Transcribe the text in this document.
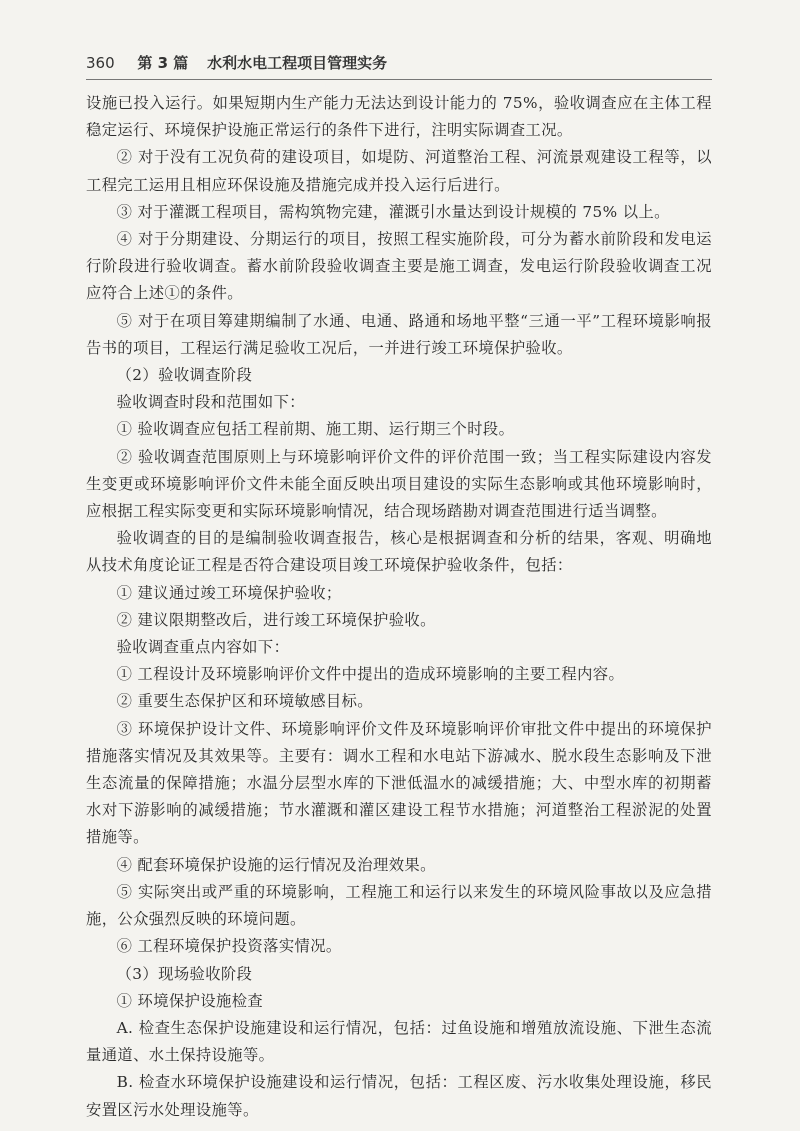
360 第 3 篇 水利水电工程项目管理实务

设施已投入运行。如果短期内生产能力无法达到设计能力的 75%，验收调查应在主体工程稳定运行、环境保护设施正常运行的条件下进行，注明实际调查工况。

② 对于没有工况负荷的建设项目，如堤防、河道整治工程、河流景观建设工程等，以工程完工运用且相应环保设施及措施完成并投入运行后进行。

③ 对于灌溉工程项目，需构筑物完建，灌溉引水量达到设计规模的 75% 以上。

④ 对于分期建设、分期运行的项目，按照工程实施阶段，可分为蓄水前阶段和发电运行阶段进行验收调查。蓄水前阶段验收调查主要是施工调查，发电运行阶段验收调查工况应符合上述①的条件。

⑤ 对于在项目筹建期编制了水通、电通、路通和场地平整“三通一平”工程环境影响报告书的项目，工程运行满足验收工况后，一并进行竣工环境保护验收。

（2）验收调查阶段

验收调查时段和范围如下：

① 验收调查应包括工程前期、施工期、运行期三个时段。

② 验收调查范围原则上与环境影响评价文件的评价范围一致；当工程实际建设内容发生变更或环境影响评价文件未能全面反映出项目建设的实际生态影响或其他环境影响时，应根据工程实际变更和实际环境影响情况，结合现场踏勘对调查范围进行适当调整。

验收调查的目的是编制验收调查报告，核心是根据调查和分析的结果，客观、明确地从技术角度论证工程是否符合建设项目竣工环境保护验收条件，包括：

① 建议通过竣工环境保护验收；

② 建议限期整改后，进行竣工环境保护验收。

验收调查重点内容如下：

① 工程设计及环境影响评价文件中提出的造成环境影响的主要工程内容。

② 重要生态保护区和环境敏感目标。

③ 环境保护设计文件、环境影响评价文件及环境影响评价审批文件中提出的环境保护措施落实情况及其效果等。主要有：调水工程和水电站下游减水、脱水段生态影响及下泄生态流量的保障措施；水温分层型水库的下泄低温水的减缓措施；大、中型水库的初期蓄水对下游影响的减缓措施；节水灌溉和灌区建设工程节水措施；河道整治工程淤泥的处置措施等。

④ 配套环境保护设施的运行情况及治理效果。

⑤ 实际突出或严重的环境影响，工程施工和运行以来发生的环境风险事故以及应急措施，公众强烈反映的环境问题。

⑥ 工程环境保护投资落实情况。

（3）现场验收阶段

① 环境保护设施检查

A. 检查生态保护设施建设和运行情况，包括：过鱼设施和增殖放流设施、下泄生态流量通道、水土保持设施等。

B. 检查水环境保护设施建设和运行情况，包括：工程区废、污水收集处理设施，移民安置区污水处理设施等。
